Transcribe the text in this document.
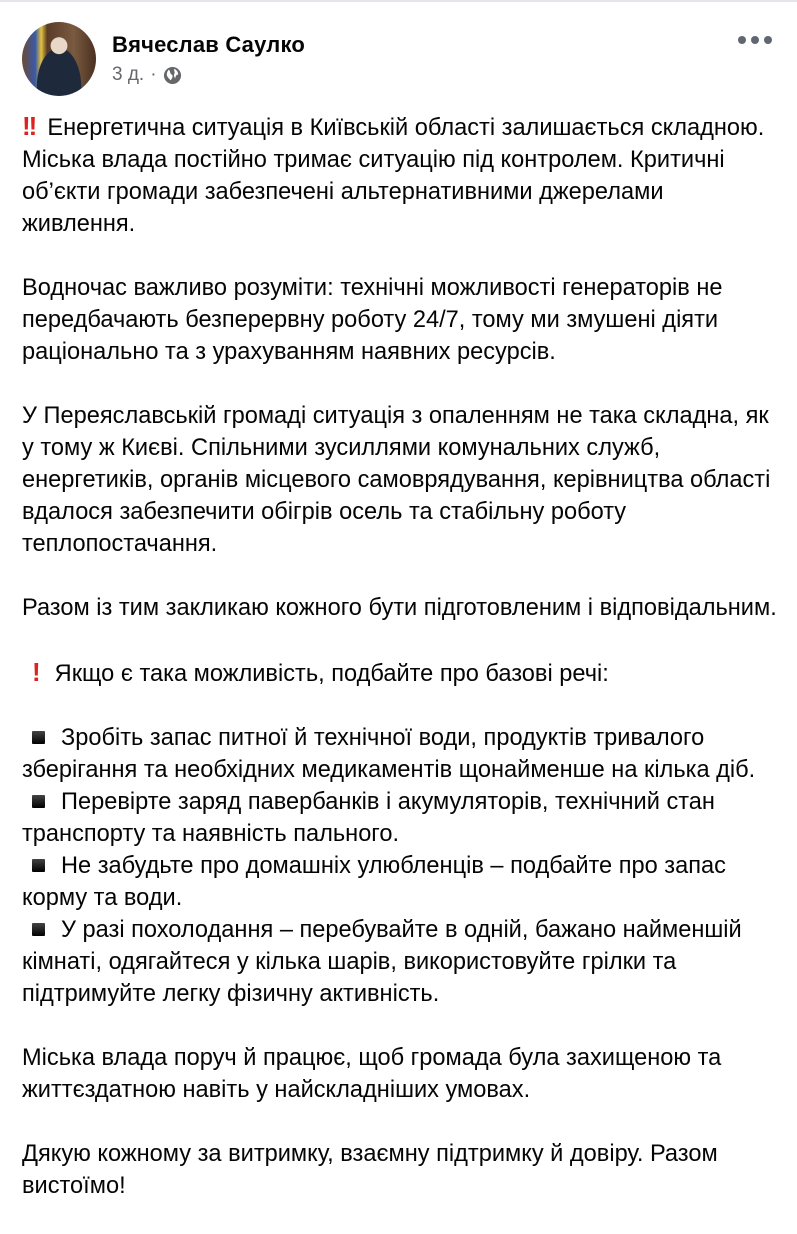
Вячеслав Саулко
3 д. ·

!! Енергетична ситуація в Київській області залишається складною. Міська влада постійно тримає ситуацію під контролем. Критичні об’єкти громади забезпечені альтернативними джерелами живлення.

Водночас важливо розуміти: технічні можливості генераторів не передбачають безперервну роботу 24/7, тому ми змушені діяти раціонально та з урахуванням наявних ресурсів.

У Переяславській громаді ситуація з опаленням не така складна, як у тому ж Києві. Спільними зусиллями комунальних служб, енергетиків, органів місцевого самоврядування, керівництва області вдалося забезпечити обігрів осель та стабільну роботу теплопостачання.

Разом із тим закликаю кожного бути підготовленим і відповідальним.

! Якщо є така можливість, подбайте про базові речі:

Зробіть запас питної й технічної води, продуктів тривалого зберігання та необхідних медикаментів щонайменше на кілька діб.

Перевірте заряд павербанків і акумуляторів, технічний стан транспорту та наявність пального.

Не забудьте про домашніх улюбленців – подбайте про запас корму та води.

У разі похолодання – перебувайте в одній, бажано найменшій кімнаті, одягайтеся у кілька шарів, використовуйте грілки та підтримуйте легку фізичну активність.

Міська влада поруч й працює, щоб громада була захищеною та життєздатною навіть у найскладніших умовах.

Дякую кожному за витримку, взаємну підтримку й довіру. Разом вистоїмо!
